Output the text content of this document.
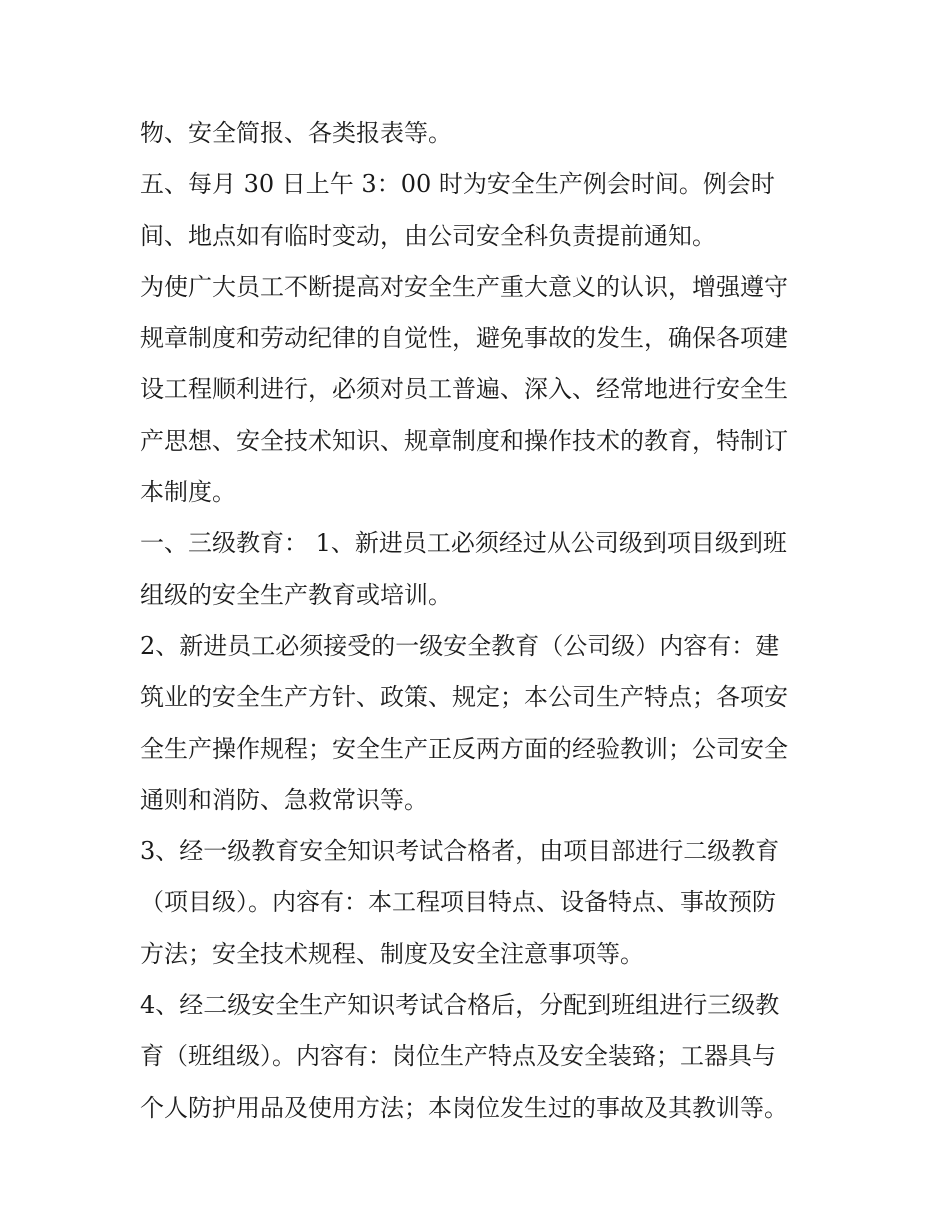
物、安全简报、各类报表等。
五、每月 30 日上午 3：00 时为安全生产例会时间。例会时
间、地点如有临时变动，由公司安全科负责提前通知。
为使广大员工不断提高对安全生产重大意义的认识，增强遵守
规章制度和劳动纪律的自觉性，避免事故的发生，确保各项建
设工程顺利进行，必须对员工普遍、深入、经常地进行安全生
产思想、安全技术知识、规章制度和操作技术的教育，特制订
本制度。
一、三级教育： 1、新进员工必须经过从公司级到项目级到班
组级的安全生产教育或培训。
2、新进员工必须接受的一级安全教育（公司级）内容有：建
筑业的安全生产方针、政策、规定；本公司生产特点；各项安
全生产操作规程；安全生产正反两方面的经验教训；公司安全
通则和消防、急救常识等。
3、经一级教育安全知识考试合格者，由项目部进行二级教育
（项目级）。内容有：本工程项目特点、设备特点、事故预防
方法；安全技术规程、制度及安全注意事项等。
4、经二级安全生产知识考试合格后，分配到班组进行三级教
育（班组级）。内容有：岗位生产特点及安全装臵；工器具与
个人防护用品及使用方法；本岗位发生过的事故及其教训等。
